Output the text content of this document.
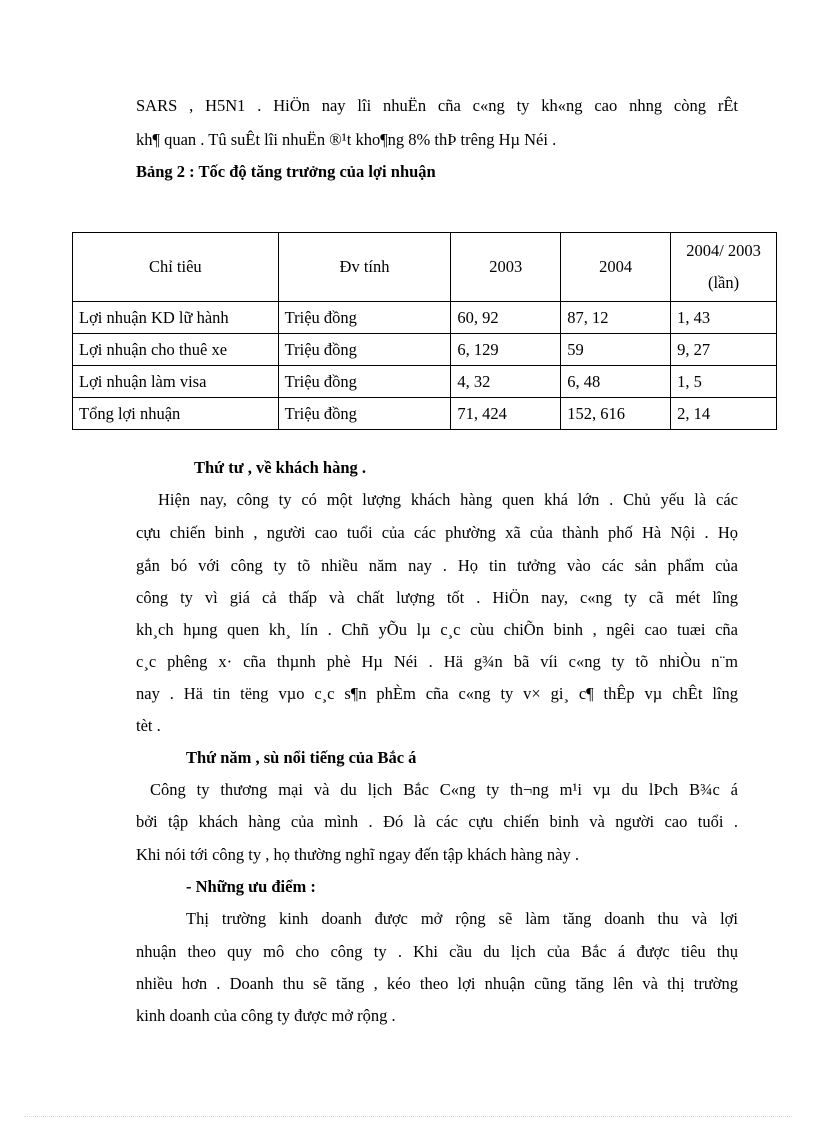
SARS , H5N1 . HiÖn nay lîi nhuËn cña c«ng ty kh«ng cao nhng còng rÊt
kh¶ quan . Tû suÊt lîi nhuËn ®¹t kho¶ng 8% thÞ trêng Hµ Néi .
Bảng 2 : Tốc độ tăng trưởng của lợi nhuận
Chỉ tiêu	Đv tính	2003	2004	2004/ 2003
(lần)

Lợi nhuận KD lữ hành	Triệu đồng	60, 92	87, 12	1, 43
Lợi nhuận cho thuê xe	Triệu đồng	6, 129	59	9, 27
Lợi nhuận làm visa	Triệu đồng	4, 32	6, 48	1, 5
Tổng lợi nhuận	Triệu đồng	71, 424	152, 616	2, 14
Thứ tư , về khách hàng .
Hiện nay, công ty có một lượng khách hàng quen khá lớn . Chủ yếu là các
cựu chiến binh , người cao tuổi của các phường xã của thành phố Hà Nội . Họ
gắn bó với công ty tõ nhiều năm nay . Họ tin tưởng vào các sản phẩm của
công ty vì giá cả thấp và chất lượng tốt . HiÖn nay, c«ng ty cã mét lîng
kh¸ch hµng quen kh¸ lín . Chñ yÕu lµ c¸c cùu chiÕn binh , ngêi cao tuæi cña
c¸c phêng x· cña thµnh phè Hµ Néi . Hä g¾n bã víi c«ng ty tõ nhiÒu n¨m
nay . Hä tin tëng vµo c¸c s¶n phÈm cña c«ng ty v× gi¸ c¶ thÊp vµ chÊt lîng
tèt .
Thứ năm , sù nổi tiếng của Bắc á
Công ty thương mại và du lịch Bắc C«ng ty th¬ng m¹i vµ du lÞch B¾c á
bởi tập khách hàng của mình . Đó là các cựu chiến binh và người cao tuổi .
Khi nói tới công ty , họ thường nghĩ ngay đến tập khách hàng này .
- Những ưu điểm :
Thị trường kinh doanh được mở rộng sẽ làm tăng doanh thu và lợi
nhuận theo quy mô cho công ty . Khi cầu du lịch của Bắc á được tiêu thụ
nhiều hơn . Doanh thu sẽ tăng , kéo theo lợi nhuận cũng tăng lên và thị trường
kinh doanh của công ty được mở rộng .
